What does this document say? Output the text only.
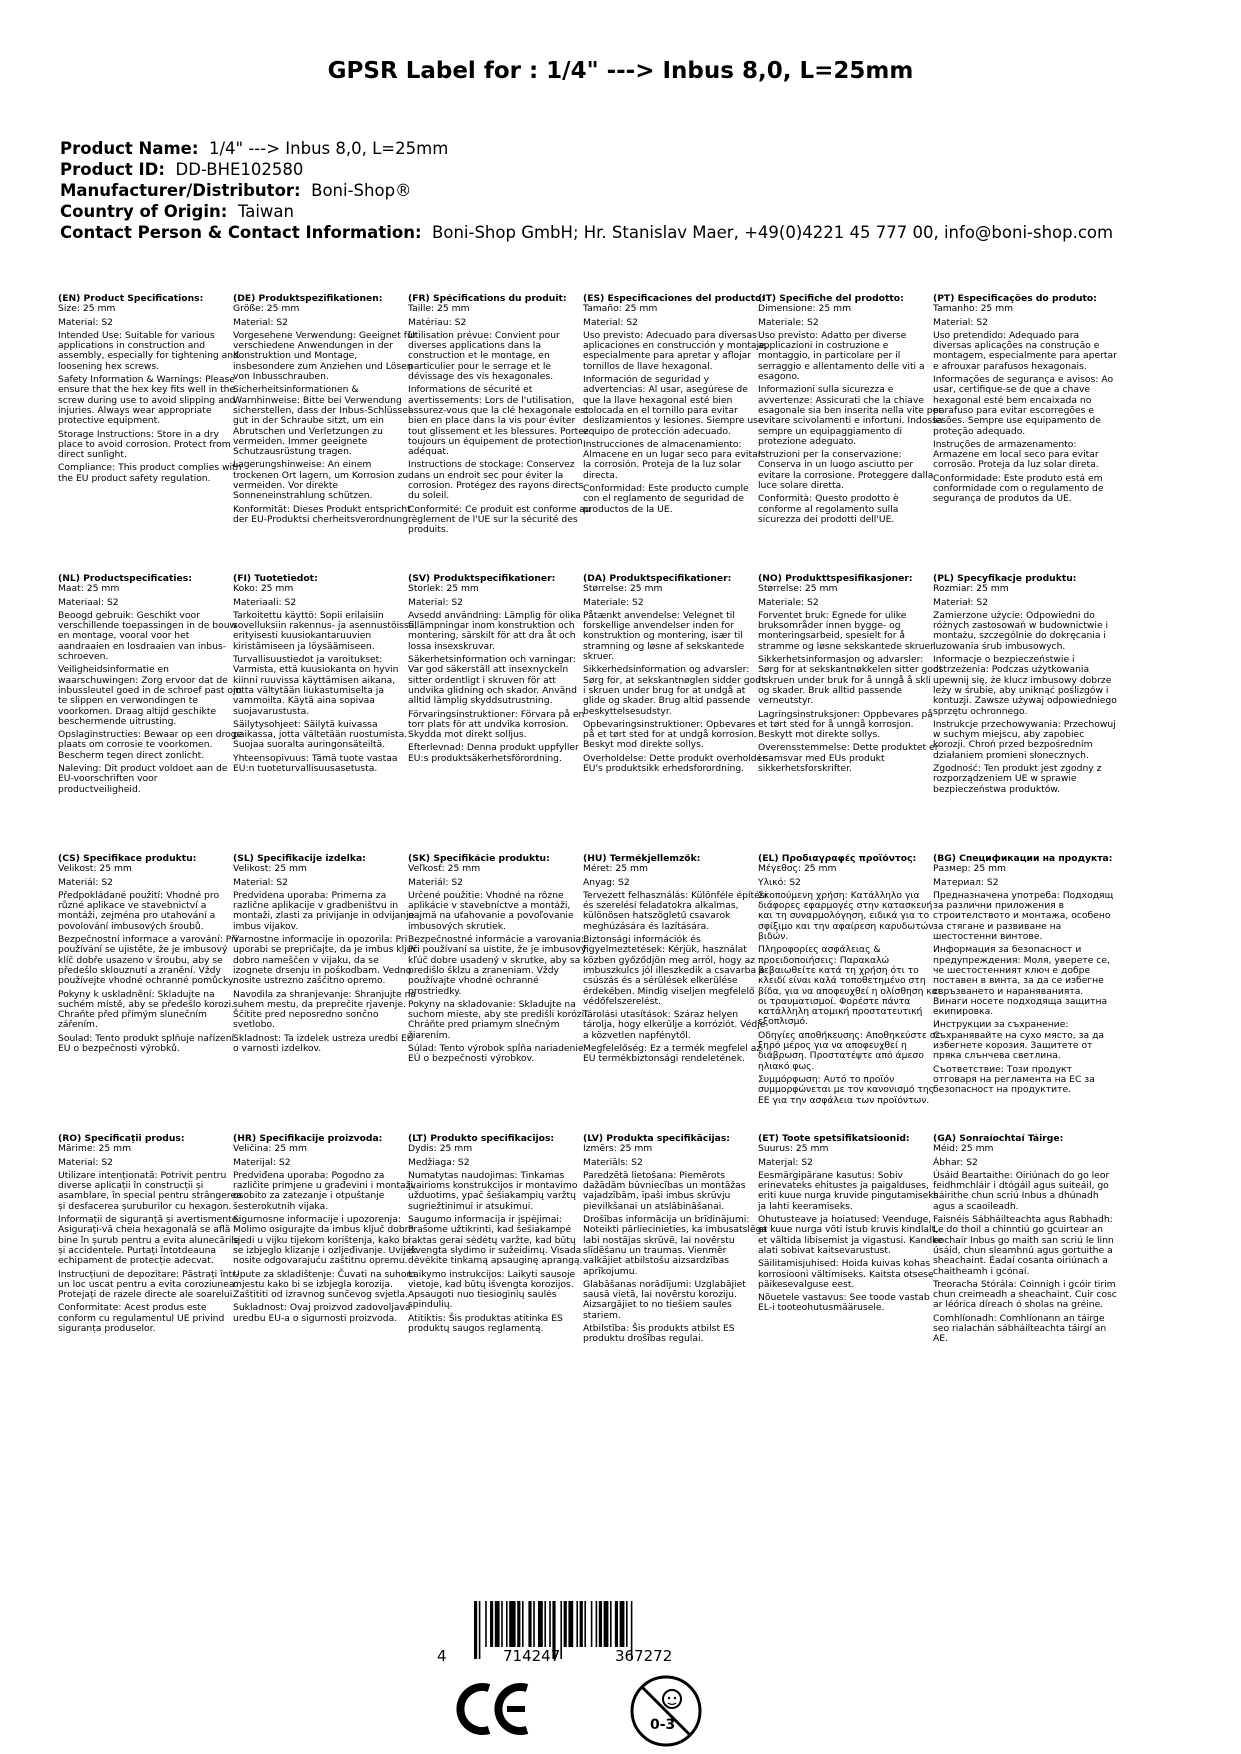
GPSR Label for : 1/4" ---> Inbus 8,0, L=25mm
Product Name: 1/4" ---> Inbus 8,0, L=25mm
Product ID: DD-BHE102580
Manufacturer/Distributor: Boni-Shop®
Country of Origin: Taiwan
Contact Person & Contact Information: Boni-Shop GmbH; Hr. Stanislav Maer, +49(0)4221 45 777 00, info@boni-shop.com
(EN) Product Specifications:
Size: 25 mm
Material: S2
Intended Use: Suitable for various applications in construction and assembly, especially for tightening and loosening hex screws.
Safety Information & Warnings: Please ensure that the hex key fits well in the screw during use to avoid slipping and injuries. Always wear appropriate protective equipment.
Storage Instructions: Store in a dry place to avoid corrosion. Protect from direct sunlight.
Compliance: This product complies with the EU product safety regulation.
(DE) Produktspezifikationen:
Größe: 25 mm
Material: S2
Vorgesehene Verwendung: Geeignet für verschiedene Anwendungen in der Konstruktion und Montage, insbesondere zum Anziehen und Lösen von Inbusschrauben.
Sicherheitsinformationen & Warnhinweise: Bitte bei Verwendung sicherstellen, dass der Inbus-Schlüssel gut in der Schraube sitzt, um ein Abrutschen und Verletzungen zu vermeiden. Immer geeignete Schutzausrüstung tragen.
Lagerungshinweise: An einem trockenen Ort lagern, um Korrosion zu vermeiden. Vor direkte Sonneneinstrahlung schützen.
Konformität: Dieses Produkt entspricht der EU-Produktsi cherheitsverordnung.
(FR) Spécifications du produit:
Taille: 25 mm
Matériau: S2
Utilisation prévue: Convient pour diverses applications dans la construction et le montage, en particulier pour le serrage et le dévissage des vis hexagonales.
Informations de sécurité et avertissements: Lors de l'utilisation, assurez-vous que la clé hexagonale est bien en place dans la vis pour éviter tout glissement et les blessures. Portez toujours un équipement de protection adéquat.
Instructions de stockage: Conservez dans un endroit sec pour éviter la corrosion. Protégez des rayons directs du soleil.
Conformité: Ce produit est conforme au règlement de l'UE sur la sécurité des produits.
(ES) Especificaciones del producto:
Tamaño: 25 mm
Material: S2
Uso previsto: Adecuado para diversas aplicaciones en construcción y montaje, especialmente para apretar y aflojar tornillos de llave hexagonal.
Información de seguridad y advertencias: Al usar, asegúrese de que la llave hexagonal esté bien colocada en el tornillo para evitar deslizamientos y lesiones. Siempre use equipo de protección adecuado.
Instrucciones de almacenamiento: Almacene en un lugar seco para evitar la corrosión. Proteja de la luz solar directa.
Conformidad: Este producto cumple con el reglamento de seguridad de productos de la UE.
(IT) Specifiche del prodotto:
Dimensione: 25 mm
Materiale: S2
Uso previsto: Adatto per diverse applicazioni in costruzione e montaggio, in particolare per il serraggio e allentamento delle viti a esagono.
Informazioni sulla sicurezza e avvertenze: Assicurati che la chiave esagonale sia ben inserita nella vite per evitare scivolamenti e infortuni. Indossa sempre un equipaggiamento di protezione adeguato.
Istruzioni per la conservazione: Conserva in un luogo asciutto per evitare la corrosione. Proteggere dalla luce solare diretta.
Conformità: Questo prodotto è conforme al regolamento sulla sicurezza dei prodotti dell'UE.
(PT) Especificações do produto:
Tamanho: 25 mm
Material: S2
Uso pretendido: Adequado para diversas aplicações na construção e montagem, especialmente para apertar e afrouxar parafusos hexagonais.
Informações de segurança e avisos: Ao usar, certifique-se de que a chave hexagonal esté bem encaixada no parafuso para evitar escorregões e lesões. Sempre use equipamento de proteção adequado.
Instruções de armazenamento: Armazene em local seco para evitar corrosão. Proteja da luz solar direta.
Conformidade: Este produto está em conformidade com o regulamento de segurança de produtos da UE.
(NL) Productspecificaties:
Maat: 25 mm
Materiaal: S2
Beoogd gebruik: Geschikt voor verschillende toepassingen in de bouw en montage, vooral voor het aandraaien en losdraaien van inbus-schroeven.
Veiligheidsinformatie en waarschuwingen: Zorg ervoor dat de inbussleutel goed in de schroef past om te slippen en verwondingen te voorkomen. Draag altijd geschikte beschermende uitrusting.
Opslaginstructies: Bewaar op een droge plaats om corrosie te voorkomen. Bescherm tegen direct zonlicht.
Naleving: Dit product voldoet aan de EU-voorschriften voor productveiligheid.
(FI) Tuotetiedot:
Koko: 25 mm
Materiaali: S2
Tarkoitettu käyttö: Sopii erilaisiin sovelluksiin rakennus- ja asennustöissä, erityisesti kuusiokantaruuvien kiristämiseen ja löysäämiseen.
Turvallisuustiedot ja varoitukset: Varmista, että kuusiokanta on hyvin kiinni ruuvissa käyttämisen aikana, jotta vältytään liukastumiselta ja vammoilta. Käytä aina sopivaa suojavarustusta.
Säilytysohjeet: Säilytä kuivassa paikassa, jotta vältetään ruostumista. Suojaa suoralta auringonsäteiltä.
Yhteensopivuus: Tämä tuote vastaa EU:n tuoteturvallisuusasetusta.
(SV) Produktspecifikationer:
Storlek: 25 mm
Material: S2
Avsedd användning: Lämplig för olika tillämpningar inom konstruktion och montering, särskilt för att dra åt och lossa insexskruvar.
Säkerhetsinformation och varningar: Var god säkerställ att insexnyckeln sitter ordentligt i skruven för att undvika glidning och skador. Använd alltid lämplig skyddsutrustning.
Förvaringsinstruktioner: Förvara på en torr plats för att undvika korrosion. Skydda mot direkt solljus.
Efterlevnad: Denna produkt uppfyller EU:s produktsäkerhetsförordning.
(DA) Produktspecifikationer:
Størrelse: 25 mm
Materiale: S2
Påtænkt anvendelse: Velegnet til forskellige anvendelser inden for konstruktion og montering, især til stramning og løsne af sekskantede skruer.
Sikkerhedsinformation og advarsler: Sørg for, at sekskantnøglen sidder godt i skruen under brug for at undgå at glide og skader. Brug altid passende beskyttelsesudstyr.
Opbevaringsinstruktioner: Opbevares på et tørt sted for at undgå korrosion. Beskyt mod direkte sollys.
Overholdelse: Dette produkt overholder EU's produktsikk erhedsforordning.
(NO) Produkttspesifikasjoner:
Størrelse: 25 mm
Materiale: S2
Forventet bruk: Egnede for ulike bruksområder innen bygge- og monteringsarbeid, spesielt for å stramme og løsne sekskantede skruer.
Sikkerhetsinformasjon og advarsler: Sørg for at sekskantnøkkelen sitter godt i skruen under bruk for å unngå å skli og skader. Bruk alltid passende verneutstyr.
Lagringsinstruksjoner: Oppbevares på et tørt sted for å unngå korrosjon. Beskytt mot direkte sollys.
Overensstemmelse: Dette produktet er i samsvar med EUs produkt sikkerhetsforskrifter.
(PL) Specyfikacje produktu:
Rozmiar: 25 mm
Materiał: S2
Zamierzone użycie: Odpowiedni do różnych zastosowań w budownictwie i montażu, szczególnie do dokręcania i luzowania śrub imbusowych.
Informacje o bezpieczeństwie i ostrzeżenia: Podczas użytkowania upewnij się, że klucz imbusowy dobrze leży w śrubie, aby uniknąć poślizgów i kontuzji. Zawsze używaj odpowiedniego sprzętu ochronnego.
Instrukcje przechowywania: Przechowuj w suchym miejscu, aby zapobiec korozji. Chroń przed bezpośrednim działaniem promieni słonecznych.
Zgodność: Ten produkt jest zgodny z rozporządzeniem UE w sprawie bezpieczeństwa produktów.
(CS) Specifikace produktu:
Velikost: 25 mm
Materiál: S2
Předpokládané použití: Vhodné pro různé aplikace ve stavebnictví a montáži, zejména pro utahování a povolování imbusových šroubů.
Bezpečnostní informace a varování: Při používání se ujistěte, že je imbusový klíč dobře usazeno v šroubu, aby se předešlo sklouznutí a zranění. Vždy používejte vhodné ochranné pomůcky.
Pokyny k uskladnění: Skladujte na suchém místě, aby se předešlo korozi. Chraňte před přímým slunečním zářením.
Soulad: Tento produkt splňuje nařízení EU o bezpečnosti výrobků.
(SL) Specifikacije izdelka:
Velikost: 25 mm
Material: S2
Predvidena uporaba: Primerna za različne aplikacije v gradbeništvu in montaži, zlasti za privijanje in odvijanje imbus vijakov.
Varnostne informacije in opozorila: Pri uporabi se prepričajte, da je imbus ključ dobro nameščen v vijaku, da se izognete drsenju in poškodbam. Vedno nosite ustrezno zaščitno opremo.
Navodila za shranjevanje: Shranjujte na suhem mestu, da preprečite rjavenje. Ščitite pred neposredno sončno svetlobo.
Skladnost: Ta izdelek ustreza uredbi EU o varnosti izdelkov.
(SK) Špecifikácie produktu:
Veľkosť: 25 mm
Materiál: S2
Určené použitie: Vhodné na rôzne aplikácie v stavebníctve a montáži, najmä na uťahovanie a povoľovanie imbusových skrutiek.
Bezpečnostné informácie a varovania: Pri používaní sa uistite, že je imbusový kľúč dobre usadený v skrutke, aby sa predišlo šklzu a zraneniam. Vždy používajte vhodné ochranné prostriedky.
Pokyny na skladovanie: Skladujte na suchom mieste, aby ste predišli korózii. Chráňte pred priamym slnečným žiarením.
Súlad: Tento výrobok spĺňa nariadenie EÚ o bezpečnosti výrobkov.
(HU) Termékjellemzők:
Méret: 25 mm
Anyag: S2
Tervezett felhasználás: Különféle építési és szerelési feladatokra alkalmas, különösen hatszögletű csavarok meghúzására és lazítására.
Biztonsági információk és figyelmeztetések: Kérjük, használat közben győződjön meg arról, hogy az imbuszkulcs jól illeszkedik a csavarba a csúszás és a sérülések elkerülése érdekében. Mindig viseljen megfelelő védőfelszerelést.
Tárolási utasítások: Száraz helyen tárolja, hogy elkerülje a korróziót. Védje a közvetlen napfénytől.
Megfelelőség: Ez a termék megfelel az EU termékbiztonsági rendeletének.
(EL) Προδιαγραφές προϊόντος:
Μέγεθος: 25 mm
Υλικό: S2
Σκοπούμενη χρήση: Κατάλληλο για διάφορες εφαρμογές στην κατασκευή και τη συναρμολόγηση, ειδικά για το σφίξιμο και την αφαίρεση καρυδωτών βιδών.
Πληροφορίες ασφάλειας & προειδοποιήσεις: Παρακαλώ βεβαιωθείτε κατά τη χρήση ότι το κλειδί είναι καλά τοποθετημένο στη βίδα, για να αποφευχθεί η ολίσθηση και οι τραυματισμοί. Φορέστε πάντα κατάλληλη ατομική προστατευτική εξοπλισμό.
Οδηγίες αποθήκευσης: Αποθηκεύστε σε ξηρό μέρος για να αποφευχθεί η διάβρωση. Προστατέψτε από άμεσο ηλιακό φως.
Συμμόρφωση: Αυτό το προϊόν συμμορφώνεται με τον κανονισμό της ΕΕ για την ασφάλεια των προϊόντων.
(BG) Спецификации на продукта:
Размер: 25 mm
Материал: S2
Предназначена употреба: Подходящ за различни приложения в строителството и монтажа, особено за стягане и развиване на шестостенни винтове.
Информация за безопасност и предупреждения: Моля, уверете се, че шестостенният ключ е добре поставен в винта, за да се избегне свръзването и нараняванията. Винаги носете подходяща защитна екипировка.
Инструкции за съхранение: Съхранявайте на сухо място, за да избегнете корозия. Защитете от пряка слънчева светлина.
Съответствие: Този продукт отговаря на регламента на ЕС за безопасност на продуктите.
(RO) Specificații produs:
Mărime: 25 mm
Material: S2
Utilizare intenționată: Potrivit pentru diverse aplicații în construcții și asamblare, în special pentru strângerea și desfacerea șuruburilor cu hexagon.
Informații de siguranță și avertismente: Asigurați-vă cheia hexagonală se află bine în șurub pentru a evita alunecările și accidentele. Purtați întotdeauna echipament de protecție adecvat.
Instrucțiuni de depozitare: Păstrați într-un loc uscat pentru a evita coroziunea. Protejați de razele directe ale soarelui.
Conformitate: Acest produs este conform cu regulamentul UE privind siguranța produselor.
(HR) Specifikacije proizvoda:
Veličina: 25 mm
Materijal: S2
Predviđena uporaba: Pogodno za različite primjene u građevini i montaži, osobito za zatezanje i otpuštanje šesterokutnih vijaka.
Sigurnosne informacije i upozorenja: Molimo osigurajte da imbus ključ dobro sjedi u vijku tijekom korištenja, kako bi se izbjeglo klizanje i ozljeđivanje. Uvijek nosite odgovarajuću zaštitnu opremu.
Upute za skladištenje: Čuvati na suhom mjestu kako bi se izbjegla korozija. Zaštititi od izravnog sunčevog svjetla.
Sukladnost: Ovaj proizvod zadovoljava uredbu EU-a o sigurnosti proizvoda.
(LT) Produkto specifikacijos:
Dydis: 25 mm
Medžiaga: S2
Numatytas naudojimas: Tinkamas įvairioms konstrukcijos ir montavimo užduotims, ypač šešiakampių varžtų sugriežtinimui ir atsukimui.
Saugumo informacija ir įspėjimai: Prašome užtikrinti, kad šešiakampė raktas gerai sėdėtų varžte, kad būtų išvengta slydimo ir sužeidimų. Visada dėvėkite tinkamą apsauginę aprangą.
Laikymo instrukcijos: Laikyti sausoje vietoje, kad būtų išvengta korozijos. Apsaugoti nuo tiesioginių saulės spindulių.
Atitiktis: Šis produktas atitinka ES produktų saugos reglamentą.
(LV) Produkta specifikācijas:
Izmērs: 25 mm
Materiāls: S2
Paredzētā lietošana: Piemērots dažādām būvniecības un montāžas vajadzībām, īpaši imbus skrūvju pievilkšanai un atslābināšanai.
Drošības informācija un brīdinājumi: Noteikti pārliecinieties, ka imbusatslēga labi nostājas skrūvē, lai novērstu slīdēšanu un traumas. Vienmēr valkājiet atbilstošu aizsardzības aprīkojumu.
Glabāšanas norādījumi: Uzglabājiet sausā vietā, lai novērstu koroziju. Aizsargājiet to no tiešiem saules stariem.
Atbilstība: Šis produkts atbilst ES produktu drošības regulai.
(ET) Toote spetsifikatsioonid:
Suurus: 25 mm
Materjal: S2
Eesmärgipärane kasutus: Sobiv erinevateks ehitustes ja paigalduses, eriti kuue nurga kruvide pingutamiseks ja lahti keeramiseks.
Ohutusteave ja hoiatused: Veenduge, et kuue nurga võti istub kruvis kindlalt, et vältida libisemist ja vigastusi. Kandke alati sobivat kaitsevarustust.
Säilitamisjuhised: Hoida kuivas kohas korrosiooni vältimiseks. Kaitsta otsese päikesevalguse eest.
Nõuetele vastavus: See toode vastab EL-i tooteohutusmäärusele.
(GA) Sonraíochtaí Táirge:
Méid: 25 mm
Ábhar: S2
Úsáid Beartaithe: Oiriúnach do go leor feidhmchláir i dtógáil agus suiteáil, go háirithe chun scriú Inbus a dhúnadh agus a scaoileadh.
Faisnéis Sábháilteachta agus Rabhadh: Le do thoil a chinntiú go gcuirtear an eochair Inbus go maith san scriú le linn úsáid, chun sleamhnú agus gortuithe a sheachaint. Éadaí cosanta oiriúnach a chaitheamh i gcónaí.
Treoracha Stórála: Coinnigh i gcóir tirim chun creimeadh a sheachaint. Cuir cosc ar léórica díreach ó sholas na gréine.
Comhlíonadh: Comhlíonann an táirge seo rialachán sábháilteachta táirgí an AE.
4	714247	367272
CE
0-3
